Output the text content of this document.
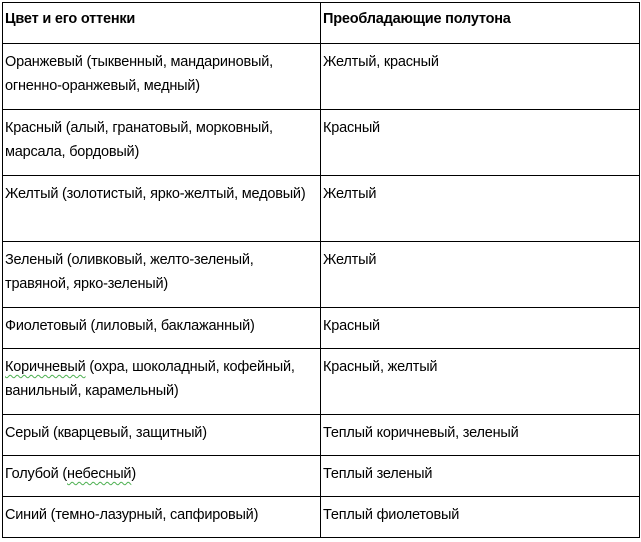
Цвет и его оттенки	Преобладающие полутона
Оранжевый (тыквенный, мандариновый, огненно-оранжевый, медный)	Желтый, красный
Красный (алый, гранатовый, морковный, марсала, бордовый)	Красный
Желтый (золотистый, ярко-желтый, медовый)	Желтый
Зеленый (оливковый, желто-зеленый, травяной, ярко-зеленый)	Желтый
Фиолетовый (лиловый, баклажанный)	Красный
Коричневый (охра, шоколадный, кофейный, ванильный, карамельный)	Красный, желтый
Серый (кварцевый, защитный)	Теплый коричневый, зеленый
Голубой (небесный)	Теплый зеленый
Синий (темно-лазурный, сапфировый)	Теплый фиолетовый
